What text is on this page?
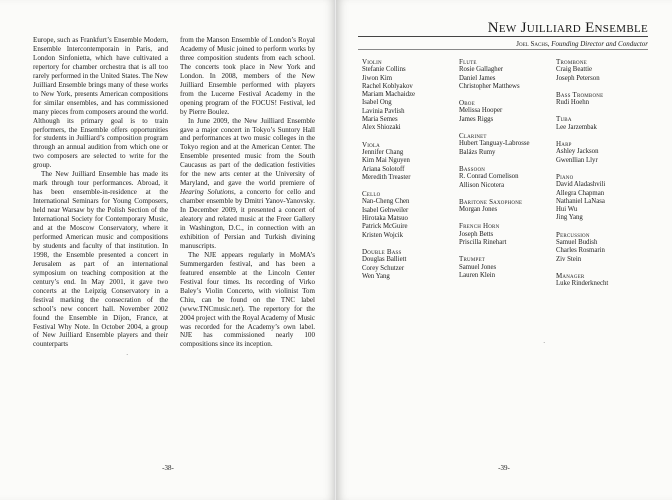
Europe, such as Frankfurt’s Ensemble Modern, Ensemble Intercontemporain in Paris, and London Sinfonietta, which have cultivated a repertory for chamber orchestra that is all too rarely performed in the United States. The New Juilliard Ensemble brings many of these works to New York, presents American compositions for similar ensembles, and has commissioned many pieces from composers around the world. Although its primary goal is to train performers, the Ensemble offers opportunities for students in Juilliard’s composition program through an annual audition from which one or two composers are selected to write for the group.

The New Juilliard Ensemble has made its mark through tour performances. Abroad, it has been ensemble-in-residence at the International Seminars for Young Composers, held near Warsaw by the Polish Section of the International Society for Contemporary Music, and at the Moscow Conservatory, where it performed American music and compositions by students and faculty of that institution. In 1998, the Ensemble presented a concert in Jerusalem as part of an international symposium on teaching composition at the century’s end. In May 2001, it gave two concerts at the Leipzig Conservatory in a festival marking the consecration of the school’s new concert hall. November 2002 found the Ensemble in Dijon, France, at Festival Why Note. In October 2004, a group of New Juilliard Ensemble players and their counterparts

from the Manson Ensemble of London’s Royal Academy of Music joined to perform works by three composition students from each school. The concerts took place in New York and London. In 2008, members of the New Juilliard Ensemble performed with players from the Lucerne Festival Academy in the opening program of the FOCUS! Festival, led by Pierre Boulez.

In June 2009, the New Juilliard Ensemble gave a major concert in Tokyo’s Suntory Hall and performances at two music colleges in the Tokyo region and at the American Center. The Ensemble presented music from the South Caucasus as part of the dedication festivities for the new arts center at the University of Maryland, and gave the world premiere of Hearing Solutions, a concerto for cello and chamber ensemble by Dmitri Yanov-Yanovsky. In December 2009, it presented a concert of aleatory and related music at the Freer Gallery in Washington, D.C., in connection with an exhibition of Persian and Turkish divining manuscripts.

The NJE appears regularly in MoMA’s Summergarden festival, and has been a featured ensemble at the Lincoln Center Festival four times. Its recording of Virko Baley’s Violin Concerto, with violinist Tom Chiu, can be found on the TNC label (www.TNCmusic.net). The repertory for the 2004 project with the Royal Academy of Music was recorded for the Academy’s own label. NJE has commissioned nearly 100 compositions since its inception.

·
-38-
New Juilliard Ensemble
Joel Sachs, Founding Director and Conductor
Violin
Stefanie Collins
Jiwon Kim
Rachel Koblyakov
Mariam Machaidze
Isabel Ong
Lavinia Pavlish
Maria Semes
Alex Shiozaki
Viola
Jennifer Chang
Kim Mai Nguyen
Ariana Solotoff
Meredith Treaster
Cello
Nan-Cheng Chen
Isabel Gehweiler
Hirotaka Matsuo
Patrick McGuire
Kristen Wojcik
Double Bass
Douglas Balliett
Corey Schutzer
Wen Yang
Flute
Rosie Gallagher
Daniel James
Christopher Matthews
Oboe
Melissa Hooper
James Riggs
Clarinet
Hubert Tanguay-Labrosse
Balázs Rumy
Bassoon
R. Conrad Cornelison
Allison Nicotera
Baritone Saxophone
Morgan Jones
French Horn
Joseph Betts
Priscilla Rinehart
Trumpet
Samuel Jones
Lauren Klein
Trombone
Craig Beattie
Joseph Peterson
Bass Trombone
Rudi Hoehn
Tuba
Lee Jarzembak
Harp
Ashley Jackson
Gwenllian Llyr
Piano
David Aladashvili
Allegra Chapman
Nathaniel LaNasa
Hui Wu
Jing Yang
Percussion
Samuel Budish
Charles Rosmarin
Ziv Stein
Manager
Luke Rinderknecht
·
-39-
